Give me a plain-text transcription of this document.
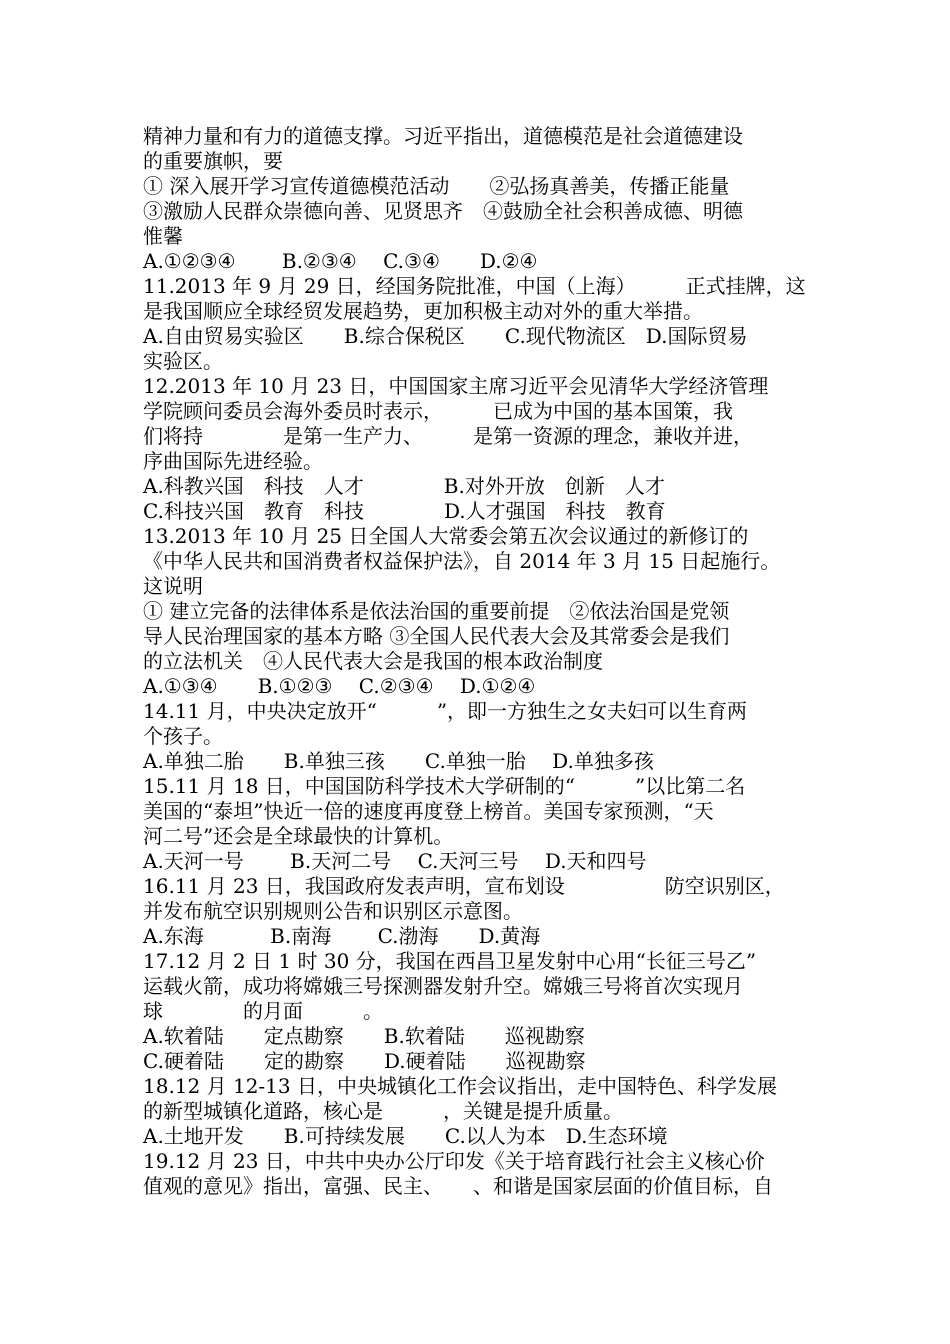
精神力量和有力的道德支撑。习近平指出，道德模范是社会道德建设
的重要旗帜，要
① 深入展开学习宣传道德模范活动　　②弘扬真善美，传播正能量
③激励人民群众崇德向善、见贤思齐　④鼓励全社会积善成德、明德
惟馨
A.①②③④　　 B.②③④　 C.③④　　D.②④
11.2013 年 9 月 29 日，经国务院批准，中国（上海）　　　正式挂牌，这
是我国顺应全球经贸发展趋势，更加积极主动对外的重大举措。
A.自由贸易实验区　　B.综合保税区　　C.现代物流区　D.国际贸易
实验区。
12.2013 年 10 月 23 日，中国国家主席习近平会见清华大学经济管理
学院顾问委员会海外委员时表示，　　　已成为中国的基本国策，我
们将持　　　　是第一生产力、　　　是第一资源的理念，兼收并进，
序曲国际先进经验。
A.科教兴国　科技　人才　　　　B.对外开放　创新　人才
C.科技兴国　教育　科技　　　　D.人才强国　科技　教育
13.2013 年 10 月 25 日全国人大常委会第五次会议通过的新修订的
《中华人民共和国消费者权益保护法》，自 2014 年 3 月 15 日起施行。
这说明
① 建立完备的法律体系是依法治国的重要前提　②依法治国是党领
导人民治理国家的基本方略 ③全国人民代表大会及其常委会是我们
的立法机关　④人民代表大会是我国的根本政治制度
A.①③④　　B.①②③　 C.②③④　 D.①②④
14.11 月，中央决定放开“　　　”，即一方独生之女夫妇可以生育两
个孩子。
A.单独二胎　　B.单独三孩　　C.单独一胎　 D.单独多孩
15.11 月 18 日，中国国防科学技术大学研制的“　　　”以比第二名
美国的“泰坦”快近一倍的速度再度登上榜首。美国专家预测，“天
河二号”还会是全球最快的计算机。
A.天河一号　　 B.天河二号　 C.天河三号　 D.天和四号
16.11 月 23 日，我国政府发表声明，宣布划设　　　　　防空识别区，
并发布航空识别规则公告和识别区示意图。
A.东海　　　 B.南海　　 C.渤海　　D.黄海
17.12 月 2 日 1 时 30 分，我国在西昌卫星发射中心用“长征三号乙”
运载火箭，成功将嫦娥三号探测器发射升空。嫦娥三号将首次实现月
球　　　　的月面　　　。
A.软着陆　　定点勘察　　B.软着陆　　巡视勘察
C.硬着陆　　定的勘察　　D.硬着陆　　巡视勘察
18.12 月 12-13 日，中央城镇化工作会议指出，走中国特色、科学发展
的新型城镇化道路，核心是　　　，关键是提升质量。
A.土地开发　　B.可持续发展　　C.以人为本　D.生态环境
19.12 月 23 日，中共中央办公厅印发《关于培育践行社会主义核心价
值观的意见》指出，富强、民主、　　、和谐是国家层面的价值目标，自
